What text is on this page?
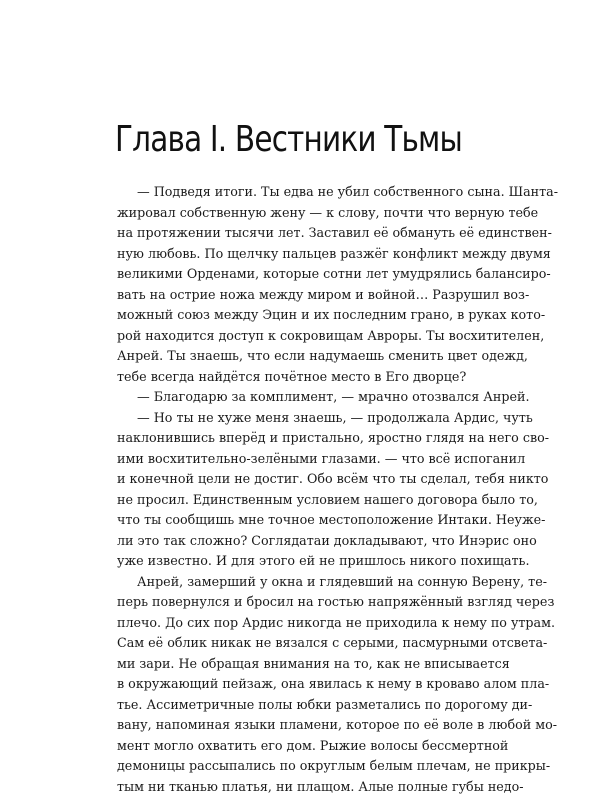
Глава I. Вестники Тьмы
— Подведя итоги. Ты едва не убил собственного сына. Шанта-
жировал собственную жену — к слову, почти что верную тебе
на протяжении тысячи лет. Заставил её обмануть её единствен-
ную любовь. По щелчку пальцев разжёг конфликт между двумя
великими Орденами, которые сотни лет умудрялись балансиро-
вать на острие ножа между миром и войной… Разрушил воз-
можный союз между Эцин и их последним грано, в руках кото-
рой находится доступ к сокровищам Авроры. Ты восхитителен,
Анрей. Ты знаешь, что если надумаешь сменить цвет одежд,
тебе всегда найдётся почётное место в Его дворце?
— Благодарю за комплимент, — мрачно отозвался Анрей.
— Но ты не хуже меня знаешь, — продолжала Ардис, чуть
наклонившись вперёд и пристально, яростно глядя на него сво-
ими восхитительно-зелёными глазами. — что всё испоганил
и конечной цели не достиг. Обо всём что ты сделал, тебя никто
не просил. Единственным условием нашего договора было то,
что ты сообщишь мне точное местоположение Интаки. Неуже-
ли это так сложно? Соглядатаи докладывают, что Инэрис оно
уже известно. И для этого ей не пришлось никого похищать.
Анрей, замерший у окна и глядевший на сонную Верену, те-
перь повернулся и бросил на гостью напряжённый взгляд через
плечо. До сих пор Ардис никогда не приходила к нему по утрам.
Сам её облик никак не вязался с серыми, пасмурными отсвета-
ми зари. Не обращая внимания на то, как не вписывается
в окружающий пейзаж, она явилась к нему в кроваво алом пла-
тье. Ассиметричные полы юбки разметались по дорогому ди-
вану, напоминая языки пламени, которое по её воле в любой мо-
мент могло охватить его дом. Рыжие волосы бессмертной
демоницы рассыпались по округлым белым плечам, не прикры-
тым ни тканью платья, ни плащом. Алые полные губы недо-
